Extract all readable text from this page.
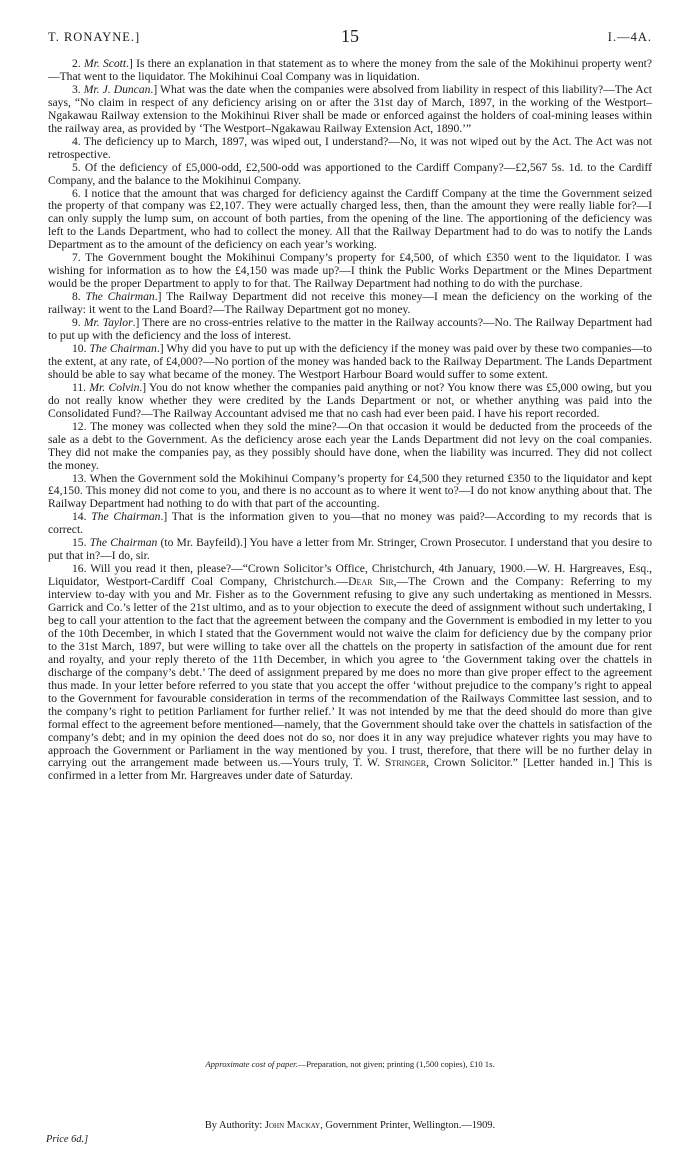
T. RONAYNE.]	15	I.—4A.

2. Mr. Scott.] Is there an explanation in that statement as to where the money from the sale of the Mokihinui property went?—That went to the liquidator. The Mokihinui Coal Company was in liquidation.

3. Mr. J. Duncan.] What was the date when the companies were absolved from liability in respect of this liability?—The Act says, “No claim in respect of any deficiency arising on or after the 31st day of March, 1897, in the working of the Westport–Ngakawau Railway extension to the Mokihinui River shall be made or enforced against the holders of coal-mining leases within the railway area, as provided by ‘The Westport–Ngakawau Railway Extension Act, 1890.’”

4. The deficiency up to March, 1897, was wiped out, I understand?—No, it was not wiped out by the Act. The Act was not retrospective.

5. Of the deficiency of £5,000-odd, £2,500-odd was apportioned to the Cardiff Company?—£2,567 5s. 1d. to the Cardiff Company, and the balance to the Mokihinui Company.

6. I notice that the amount that was charged for deficiency against the Cardiff Company at the time the Government seized the property of that company was £2,107. They were actually charged less, then, than the amount they were really liable for?—I can only supply the lump sum, on account of both parties, from the opening of the line. The apportioning of the deficiency was left to the Lands Department, who had to collect the money. All that the Railway Department had to do was to notify the Lands Department as to the amount of the deficiency on each year’s working.

7. The Government bought the Mokihinui Company’s property for £4,500, of which £350 went to the liquidator. I was wishing for information as to how the £4,150 was made up?—I think the Public Works Department or the Mines Department would be the proper Department to apply to for that. The Railway Department had nothing to do with the purchase.

8. The Chairman.] The Railway Department did not receive this money—I mean the deficiency on the working of the railway: it went to the Land Board?—The Railway Department got no money.

9. Mr. Taylor.] There are no cross-entries relative to the matter in the Railway accounts?—No. The Railway Department had to put up with the deficiency and the loss of interest.

10. The Chairman.] Why did you have to put up with the deficiency if the money was paid over by these two companies—to the extent, at any rate, of £4,000?—No portion of the money was handed back to the Railway Department. The Lands Department should be able to say what became of the money. The Westport Harbour Board would suffer to some extent.

11. Mr. Colvin.] You do not know whether the companies paid anything or not? You know there was £5,000 owing, but you do not really know whether they were credited by the Lands Department or not, or whether anything was paid into the Consolidated Fund?—The Railway Accountant advised me that no cash had ever been paid. I have his report recorded.

12. The money was collected when they sold the mine?—On that occasion it would be deducted from the proceeds of the sale as a debt to the Government. As the deficiency arose each year the Lands Department did not levy on the coal companies. They did not make the companies pay, as they possibly should have done, when the liability was incurred. They did not collect the money.

13. When the Government sold the Mokihinui Company’s property for £4,500 they returned £350 to the liquidator and kept £4,150. This money did not come to you, and there is no account as to where it went to?—I do not know anything about that. The Railway Department had nothing to do with that part of the accounting.

14. The Chairman.] That is the information given to you—that no money was paid?—According to my records that is correct.

15. The Chairman (to Mr. Bayfeild).] You have a letter from Mr. Stringer, Crown Prosecutor. I understand that you desire to put that in?—I do, sir.

16. Will you read it then, please?—“Crown Solicitor’s Office, Christchurch, 4th January, 1900.—W. H. Hargreaves, Esq., Liquidator, Westport-Cardiff Coal Company, Christchurch.—Dear Sir,—The Crown and the Company: Referring to my interview to-day with you and Mr. Fisher as to the Government refusing to give any such undertaking as mentioned in Messrs. Garrick and Co.’s letter of the 21st ultimo, and as to your objection to execute the deed of assignment without such undertaking, I beg to call your attention to the fact that the agreement between the company and the Government is embodied in my letter to you of the 10th December, in which I stated that the Government would not waive the claim for deficiency due by the company prior to the 31st March, 1897, but were willing to take over all the chattels on the property in satisfaction of the amount due for rent and royalty, and your reply thereto of the 11th December, in which you agree to ‘the Government taking over the chattels in discharge of the company’s debt.’ The deed of assignment prepared by me does no more than give proper effect to the agreement thus made. In your letter before referred to you state that you accept the offer ‘without prejudice to the company’s right to appeal to the Government for favourable consideration in terms of the recommendation of the Railways Committee last session, and to the company’s right to petition Parliament for further relief.’ It was not intended by me that the deed should do more than give formal effect to the agreement before mentioned—namely, that the Government should take over the chattels in satisfaction of the company’s debt; and in my opinion the deed does not do so, nor does it in any way prejudice whatever rights you may have to approach the Government or Parliament in the way mentioned by you. I trust, therefore, that there will be no further delay in carrying out the arrangement made between us.—Yours truly, T. W. Stringer, Crown Solicitor.” [Letter handed in.] This is confirmed in a letter from Mr. Hargreaves under date of Saturday.

Approximate cost of paper.—Preparation, not given; printing (1,500 copies), £10 1s.
By Authority: John Mackay, Government Printer, Wellington.—1909.
Price 6d.]
